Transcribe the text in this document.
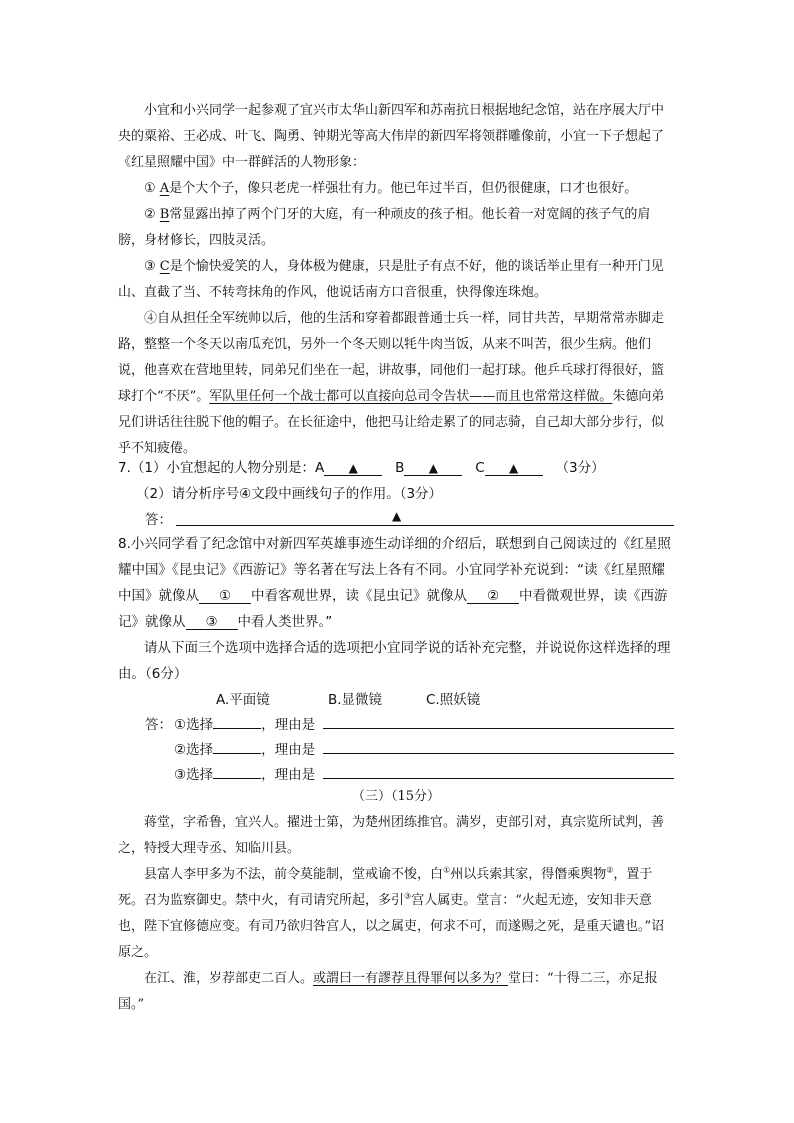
小宜和小兴同学一起参观了宜兴市太华山新四军和苏南抗日根据地纪念馆，站在序展大厅中央的粟裕、王必成、叶飞、陶勇、钟期光等高大伟岸的新四军将领群雕像前，小宜一下子想起了《红星照耀中国》中一群鲜活的人物形象：

① A是个大个子，像只老虎一样强壮有力。他已年过半百，但仍很健康，口才也很好。

② B常显露出掉了两个门牙的大庭，有一种顽皮的孩子相。他长着一对宽阔的孩子气的肩膀，身材修长，四肢灵活。

③ C是个愉快爱笑的人，身体极为健康，只是肚子有点不好，他的谈话举止里有一种开门见山、直截了当、不转弯抹角的作风，他说话南方口音很重，快得像连珠炮。

④自从担任全军统帅以后，他的生活和穿着都跟普通士兵一样，同甘共苦，早期常常赤脚走路，整整一个冬天以南瓜充饥，另外一个冬天则以牦牛肉当饭，从来不叫苦，很少生病。他们说，他喜欢在营地里转，同弟兄们坐在一起，讲故事，同他们一起打球。他乒乓球打得很好，篮球打个“不厌”。军队里任何一个战士都可以直接向总司令告状——而且也常常这样做。朱德向弟兄们讲话往往脱下他的帽子。在长征途中，他把马让给走累了的同志骑，自己却大部分步行，似乎不知疲倦。

7.（1）小宜想起的人物分别是：A ▲	B ▲	C ▲	（3分）

（2）请分析序号④文段中画线句子的作用。（3分）

答：	▲

8.小兴同学看了纪念馆中对新四军英雄事迹生动详细的介绍后，联想到自己阅读过的《红星照耀中国》《昆虫记》《西游记》等名著在写法上各有不同。小宜同学补充说到：“读《红星照耀中国》就像从 ① 中看客观世界，读《昆虫记》就像从 ② 中看微观世界，读《西游记》就像从 ③ 中看人类世界。”

请从下面三个选项中选择合适的选项把小宜同学说的话补充完整，并说说你这样选择的理由。（6分）

A.平面镜	B.显微镜	C.照妖镜
答： ①选择	，理由是
②选择	，理由是
③选择	，理由是
（三）（15分）

蒋堂，字希鲁，宜兴人。擢进士第，为楚州团练推官。满岁，吏部引对，真宗览所试判，善之，特授大理寺丞、知临川县。

县富人李甲多为不法，前令莫能制，堂戒谕不悛，白①州以兵索其家，得僭乘舆物②，置于死。召为监察御史。禁中火，有司请究所起，多引③宫人属吏。堂言：“火起无迹，安知非天意也，陛下宜修德应变。有司乃欲归咎宫人，以之属吏，何求不可，而遂赐之死，是重天谴也。”诏原之。

在江、淮，岁荐部吏二百人。或謂曰一有謬荐且得罪何以多为？堂曰：“十得二三，亦足报国。”
